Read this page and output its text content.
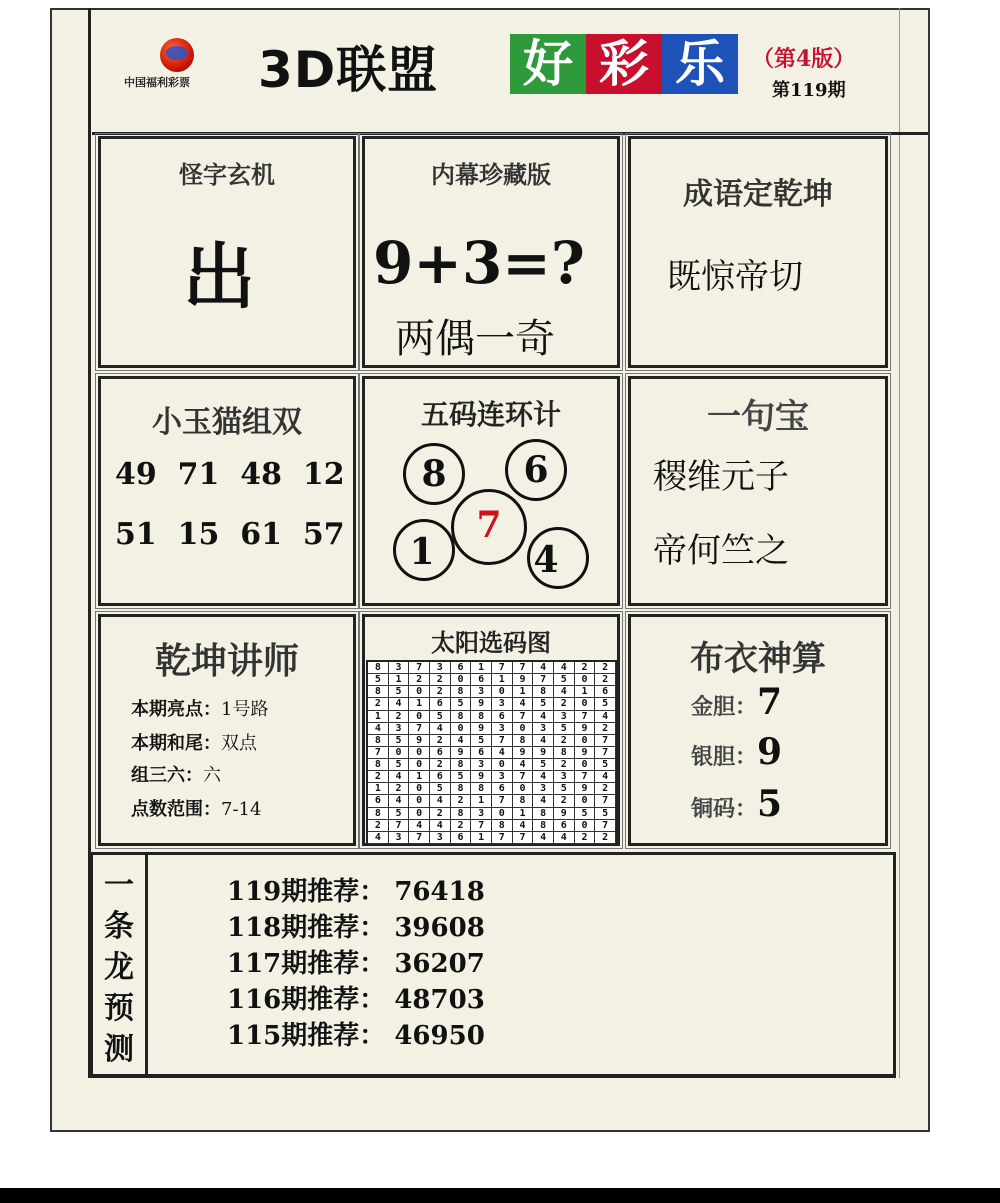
中国福利彩票 3D联盟 好 彩 乐	（第4版）
第119期
怪字玄机
出
内幕珍藏版
9+3=?
两偶一奇
成语定乾坤
既惊帝切
小玉猫组双
49 71 48 12
51 15 61 57
五码连环计
8	6
7
1	4
一句宝
稷维元子
帝何竺之
乾坤讲师
本期亮点：1号路
本期和尾：双点
组三六：六
点数范围：7-14
太阳选码图
8	3	7	3	6	1	7	7	4	4	2	2
5	1	2	2	0	6	1	9	7	5	0	2
8	5	0	2	8	3	0	1	8	4	1	6
2	4	1	6	5	9	3	4	5	2	0	5
1	2	0	5	8	8	6	7	4	3	7	4
4	3	7	4	0	9	3	0	3	5	9	2
8	5	9	2	4	5	7	8	4	2	0	7
7	0	0	6	9	6	4	9	9	8	9	7
8	5	0	2	8	3	0	4	5	2	0	5
2	4	1	6	5	9	3	7	4	3	7	4
1	2	0	5	8	8	6	0	3	5	9	2
6	4	0	4	2	1	7	8	4	2	0	7
8	5	0	2	8	3	0	1	8	9	5	5
2	7	4	4	2	7	8	4	8	6	0	7
4	3	7	3	6	1	7	7	4	4	2	2
布衣神算
金胆：7
银胆：9
铜码：5
一
条
龙
预
测
119期推荐： 76418
118期推荐： 39608
117期推荐： 36207
116期推荐： 48703
115期推荐： 46950
